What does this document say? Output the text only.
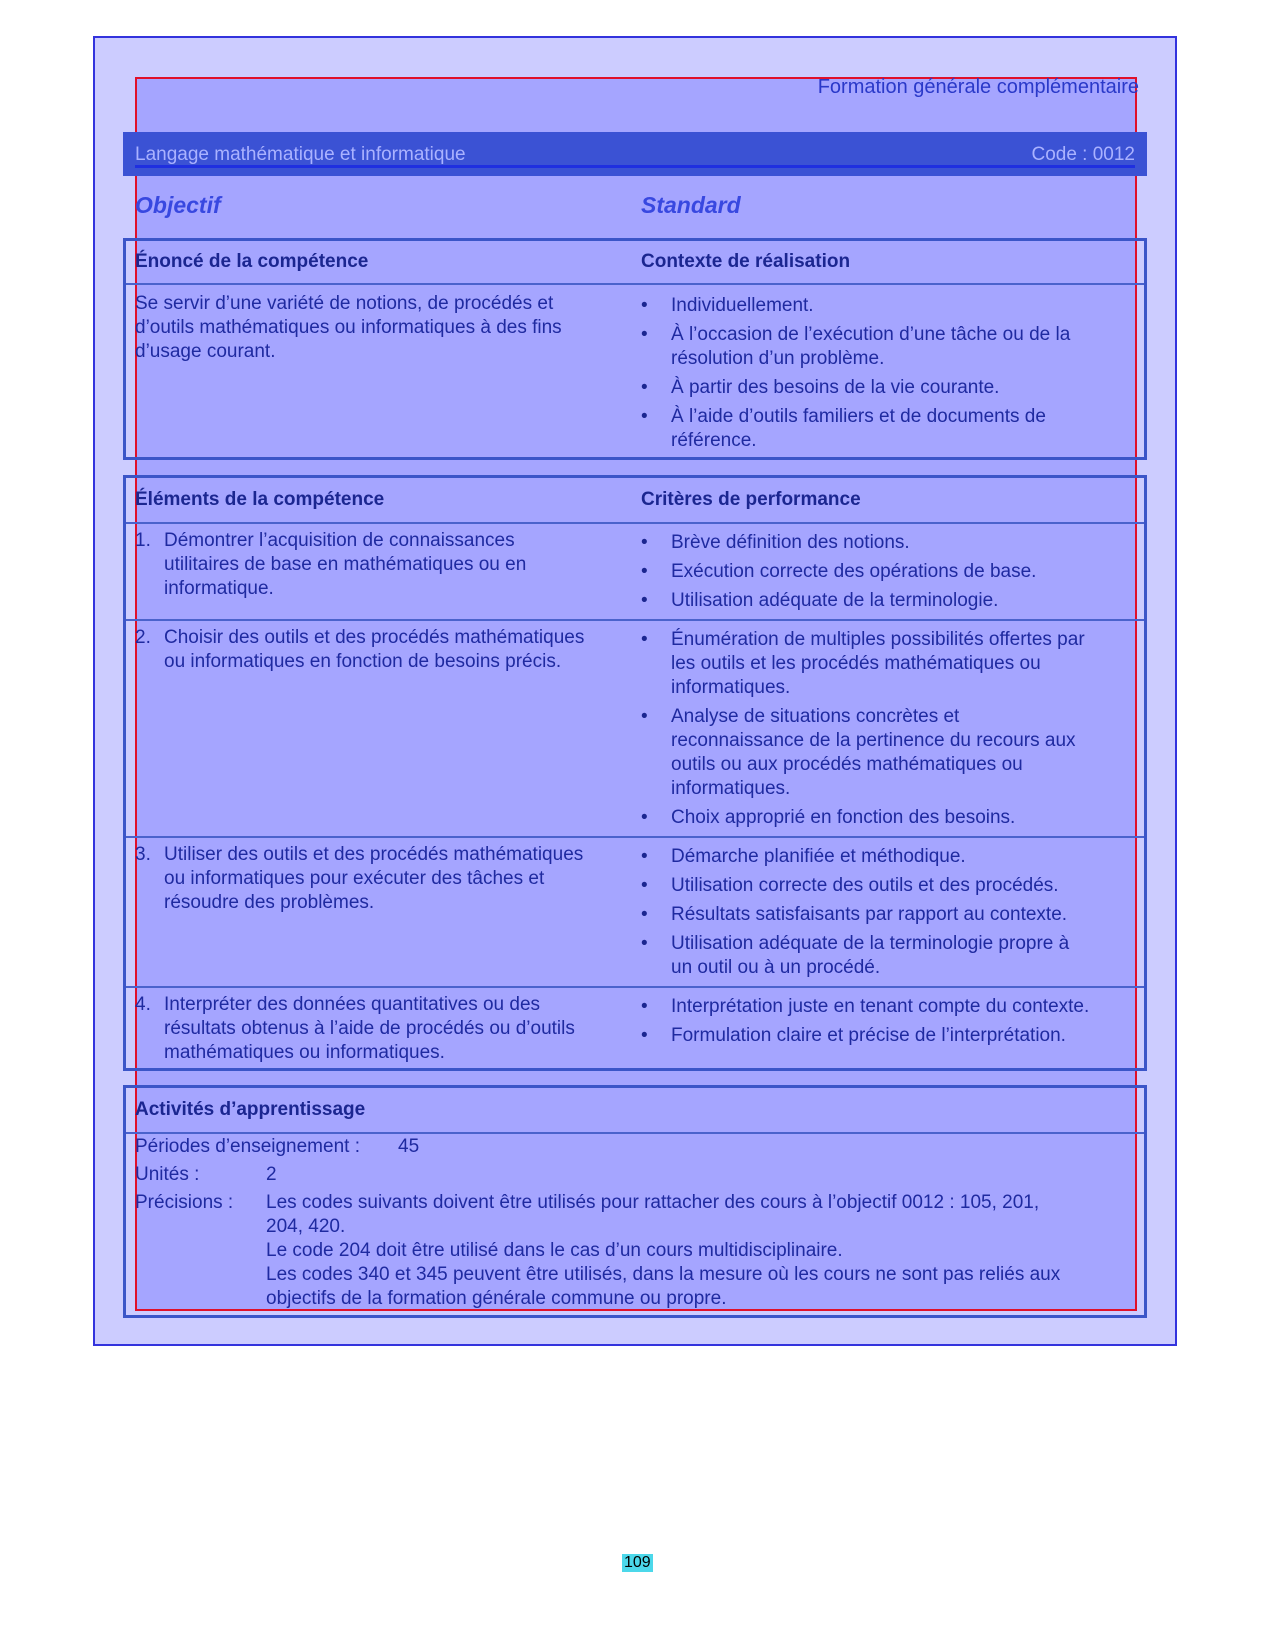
Formation générale complémentaire
Langage mathématique et informatique	Code : 0012
Objectif	Standard
Énoncé de la compétence	Contexte de réalisation
Se servir d’une variété de notions, de procédés et
d’outils mathématiques ou informatiques à des fins
d’usage courant.
• Individuellement.
• À l’occasion de l’exécution d’une tâche ou de la
résolution d’un problème.
• À partir des besoins de la vie courante.
• À l’aide d’outils familiers et de documents de
référence.
Éléments de la compétence	Critères de performance
1. Démontrer l’acquisition de connaissances
utilitaires de base en mathématiques ou en
informatique.
• Brève définition des notions.
• Exécution correcte des opérations de base.
• Utilisation adéquate de la terminologie.
2. Choisir des outils et des procédés mathématiques
ou informatiques en fonction de besoins précis.
• Énumération de multiples possibilités offertes par
les outils et les procédés mathématiques ou
informatiques.
• Analyse de situations concrètes et
reconnaissance de la pertinence du recours aux
outils ou aux procédés mathématiques ou
informatiques.
• Choix approprié en fonction des besoins.
3. Utiliser des outils et des procédés mathématiques
ou informatiques pour exécuter des tâches et
résoudre des problèmes.
• Démarche planifiée et méthodique.
• Utilisation correcte des outils et des procédés.
• Résultats satisfaisants par rapport au contexte.
• Utilisation adéquate de la terminologie propre à
un outil ou à un procédé.
4. Interpréter des données quantitatives ou des
résultats obtenus à l’aide de procédés ou d’outils
mathématiques ou informatiques.
• Interprétation juste en tenant compte du contexte.
• Formulation claire et précise de l’interprétation.
Activités d’apprentissage
Périodes d’enseignement : 45
Unités :	2
Précisions : Les codes suivants doivent être utilisés pour rattacher des cours à l’objectif 0012 : 105, 201,
204, 420.
Le code 204 doit être utilisé dans le cas d’un cours multidisciplinaire.
Les codes 340 et 345 peuvent être utilisés, dans la mesure où les cours ne sont pas reliés aux
objectifs de la formation générale commune ou propre.
109
